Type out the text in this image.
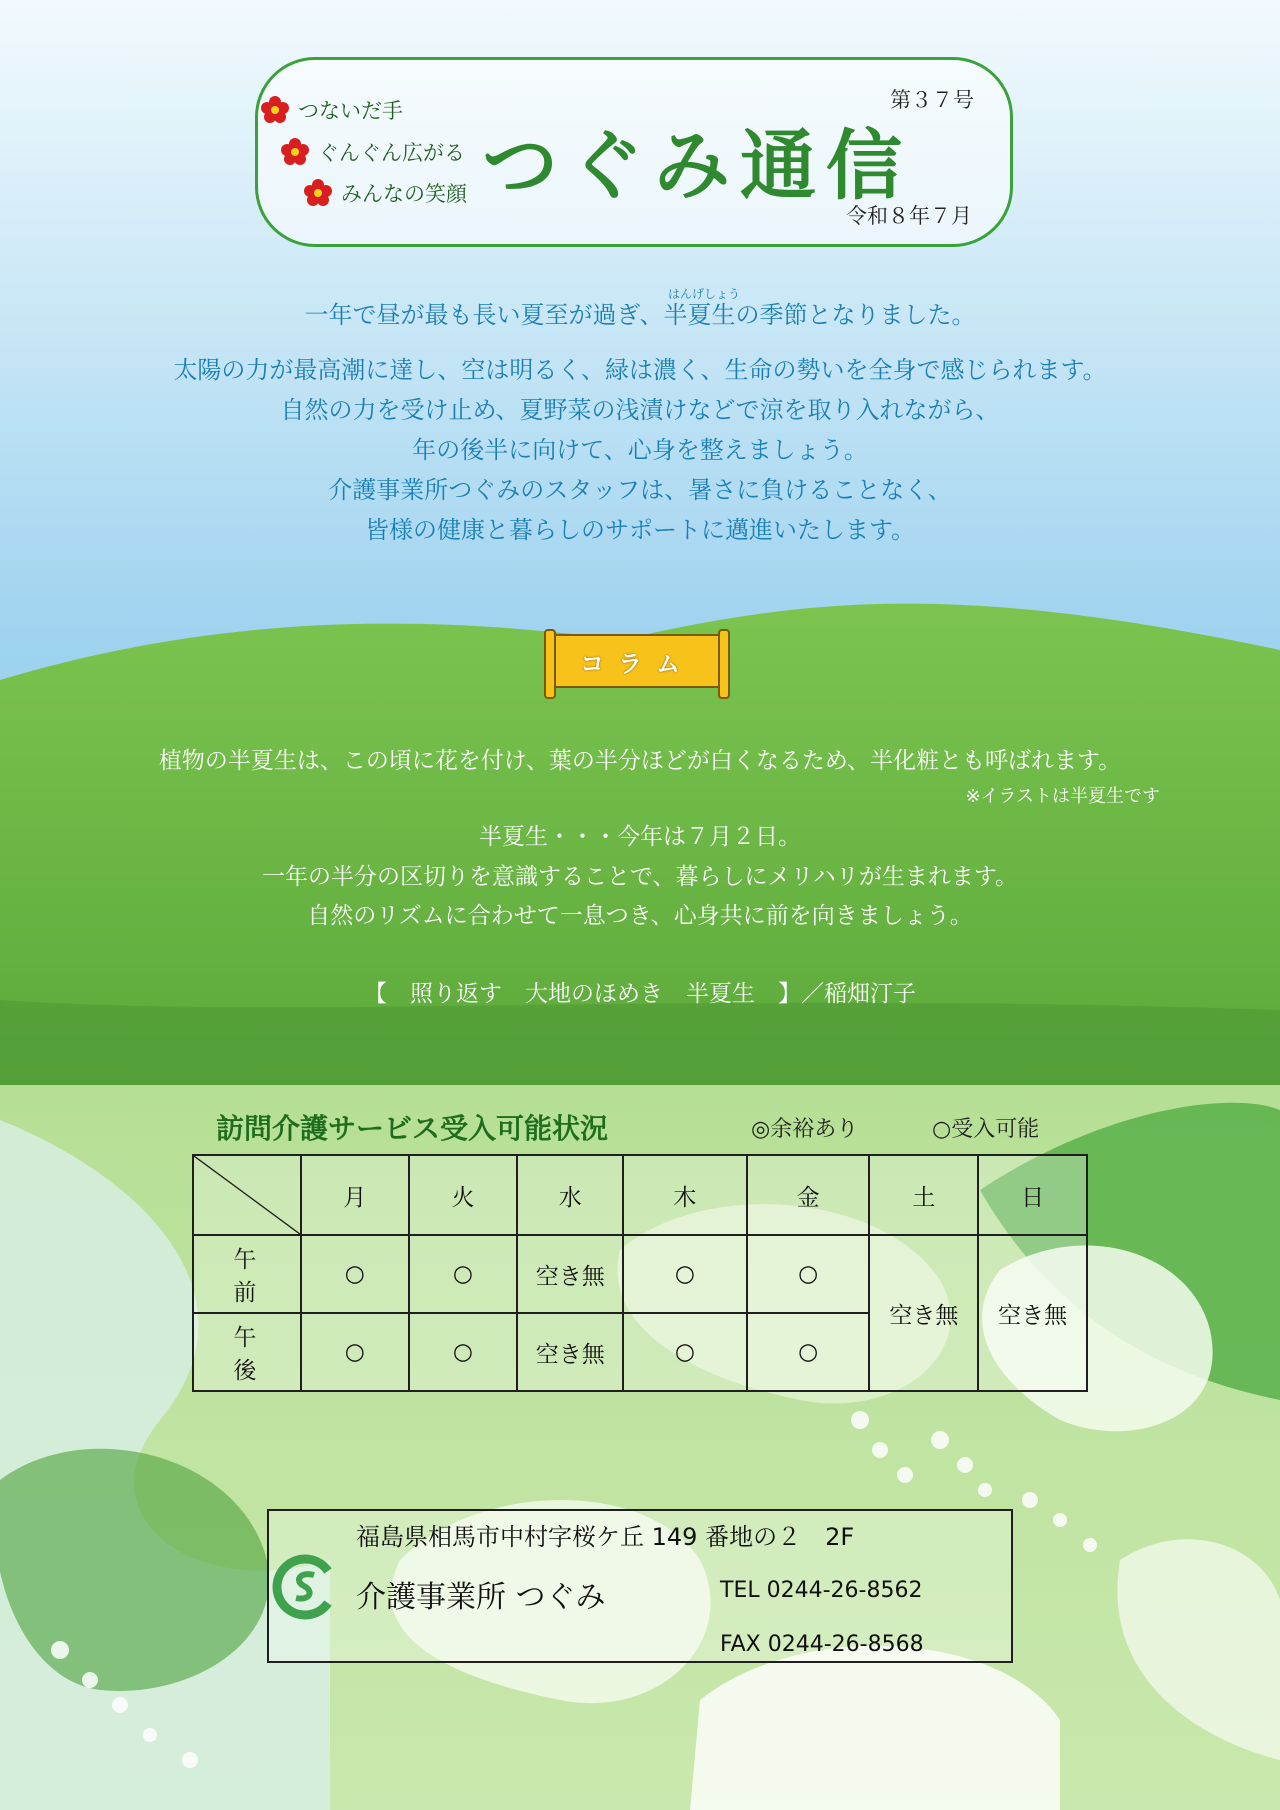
つないだ手
ぐんぐん広がる
みんなの笑顔 つぐみ通信
第３７号
令和８年７月
はんげしょう

一年で昼が最も長い夏至が過ぎ、半夏生の季節となりました。

太陽の力が最高潮に達し、空は明るく、緑は濃く、生命の勢いを全身で感じられます。

自然の力を受け止め、夏野菜の浅漬けなどで涼を取り入れながら、

年の後半に向けて、心身を整えましょう。

介護事業所つぐみのスタッフは、暑さに負けることなく、

皆様の健康と暮らしのサポートに邁進いたします。

コラム
植物の半夏生は、この頃に花を付け、葉の半分ほどが白くなるため、半化粧とも呼ばれます。
※イラストは半夏生です
半夏生・・・今年は７月２日。
一年の半分の区切りを意識することで、暮らしにメリハリが生まれます。
自然のリズムに合わせて一息つき、心身共に前を向きましょう。
【　照り返す　大地のほめき　半夏生　】／稲畑汀子
訪問介護サービス受入可能状況	◎余裕あり	○受入可能
	月	火	水	木	金	土	日
午前	○	○	空き無	○	○	空き無	空き無
午後	○	○	空き無	○	○		
福島県相馬市中村字桜ケ丘 149 番地の２　2F
介護事業所 つぐみ	TEL 0244-26-8562
FAX 0244-26-8568
